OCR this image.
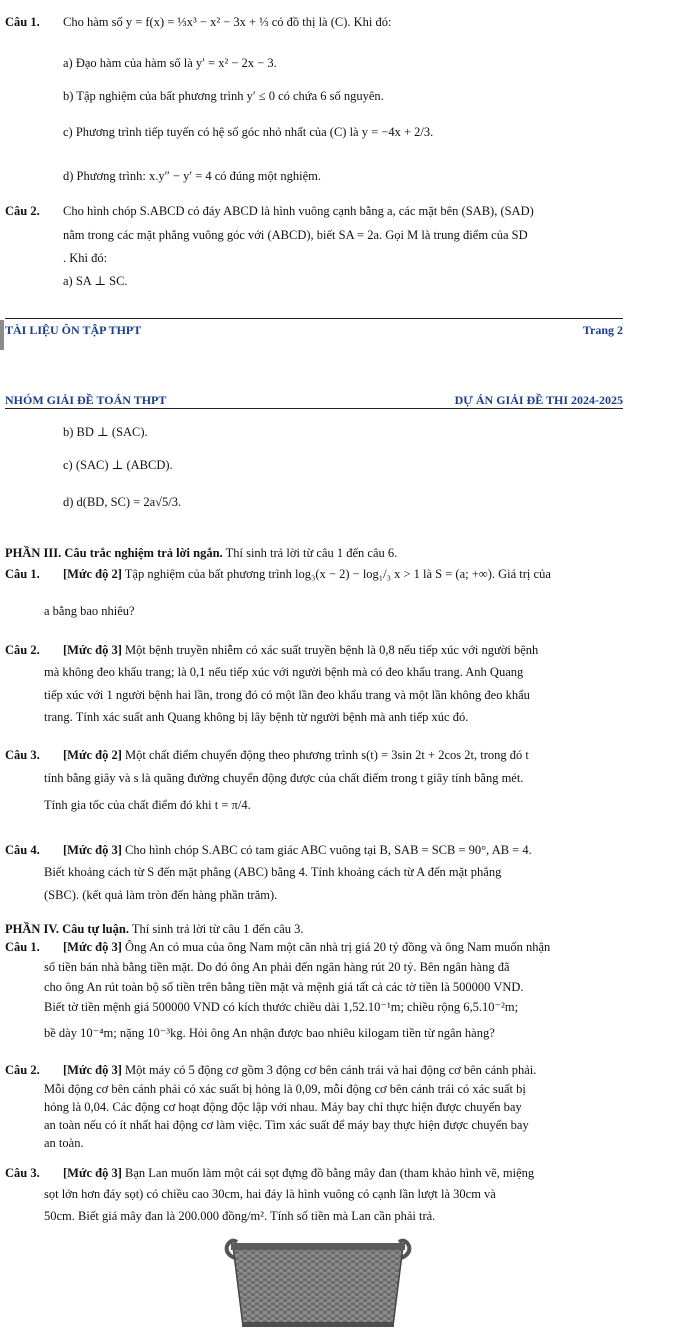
Câu 1. Cho hàm số y = f(x) = ⅓x³ − x² − 3x + ⅓ có đồ thị là (C). Khi đó:
a) Đạo hàm của hàm số là y′ = x² − 2x − 3.
b) Tập nghiệm của bất phương trình y′ ≤ 0 có chứa 6 số nguyên.
c) Phương trình tiếp tuyến có hệ số góc nhỏ nhất của (C) là y = −4x + 2/3.
d) Phương trình: x.y″ − y′ = 4 có đúng một nghiệm.
Câu 2. Cho hình chóp S.ABCD có đáy ABCD là hình vuông cạnh bằng a, các mặt bên (SAB), (SAD)
nằm trong các mặt phẳng vuông góc với (ABCD), biết SA = 2a. Gọi M là trung điểm của SD
. Khi đó:
a) SA ⊥ SC.
TÀI LIỆU ÔN TẬP THPT	Trang 2
NHÓM GIẢI ĐỀ TOÁN THPT	DỰ ÁN GIẢI ĐỀ THI 2024-2025
b) BD ⊥ (SAC).
c) (SAC) ⊥ (ABCD).
d) d(BD, SC) = 2a√5/3.
PHẦN III. Câu trắc nghiệm trả lời ngắn. Thí sinh trả lời từ câu 1 đến câu 6.
Câu 1. [Mức độ 2] Tập nghiệm của bất phương trình log₃(x − 2) − log₁/₃ x > 1 là S = (a; +∞). Giá trị của
a bằng bao nhiêu?
Câu 2. [Mức độ 3] Một bệnh truyền nhiễm có xác suất truyền bệnh là 0,8 nếu tiếp xúc với người bệnh
mà không đeo khẩu trang; là 0,1 nếu tiếp xúc với người bệnh mà có đeo khẩu trang. Anh Quang
tiếp xúc với 1 người bệnh hai lần, trong đó có một lần đeo khẩu trang và một lần không đeo khẩu
trang. Tính xác suất anh Quang không bị lây bệnh từ người bệnh mà anh tiếp xúc đó.
Câu 3. [Mức độ 2] Một chất điểm chuyển động theo phương trình s(t) = 3sin 2t + 2cos 2t, trong đó t
tính bằng giây và s là quãng đường chuyển động được của chất điểm trong t giây tính bằng mét.
Tính gia tốc của chất điểm đó khi t = π/4.
Câu 4. [Mức độ 3] Cho hình chóp S.ABC có tam giác ABC vuông tại B, SAB = SCB = 90°, AB = 4.
Biết khoảng cách từ S đến mặt phẳng (ABC) bằng 4. Tính khoảng cách từ A đến mặt phẳng
(SBC). (kết quả làm tròn đến hàng phần trăm).
PHẦN IV. Câu tự luận. Thí sinh trả lời từ câu 1 đến câu 3.
Câu 1. [Mức độ 3] Ông An có mua của ông Nam một căn nhà trị giá 20 tỷ đồng và ông Nam muốn nhận
số tiền bán nhà bằng tiền mặt. Do đó ông An phải đến ngân hàng rút 20 tỷ. Bên ngân hàng đã
cho ông An rút toàn bộ số tiền trên bằng tiền mặt và mệnh giá tất cả các tờ tiền là 500000 VND.
Biết tờ tiền mệnh giá 500000 VND có kích thước chiều dài 1,52.10⁻¹m; chiều rộng 6,5.10⁻²m;
bề dày 10⁻⁴m; nặng 10⁻³kg. Hỏi ông An nhận được bao nhiêu kilogam tiền từ ngân hàng?
Câu 2. [Mức độ 3] Một máy có 5 động cơ gồm 3 động cơ bên cánh trái và hai động cơ bên cánh phải.
Mỗi động cơ bên cánh phải có xác suất bị hỏng là 0,09, mỗi động cơ bên cánh trái có xác suất bị
hỏng là 0,04. Các động cơ hoạt động độc lập với nhau. Máy bay chỉ thực hiện được chuyến bay
an toàn nếu có ít nhất hai động cơ làm việc. Tìm xác suất để máy bay thực hiện được chuyến bay
an toàn.
Câu 3. [Mức độ 3] Bạn Lan muốn làm một cái sọt đựng đồ bằng mây đan (tham khảo hình vẽ, miệng
sọt lớn hơn đáy sọt) có chiều cao 30cm, hai đáy là hình vuông có cạnh lần lượt là 30cm và
50cm. Biết giá mây đan là 200.000 đồng/m². Tính số tiền mà Lan cần phải trả.
